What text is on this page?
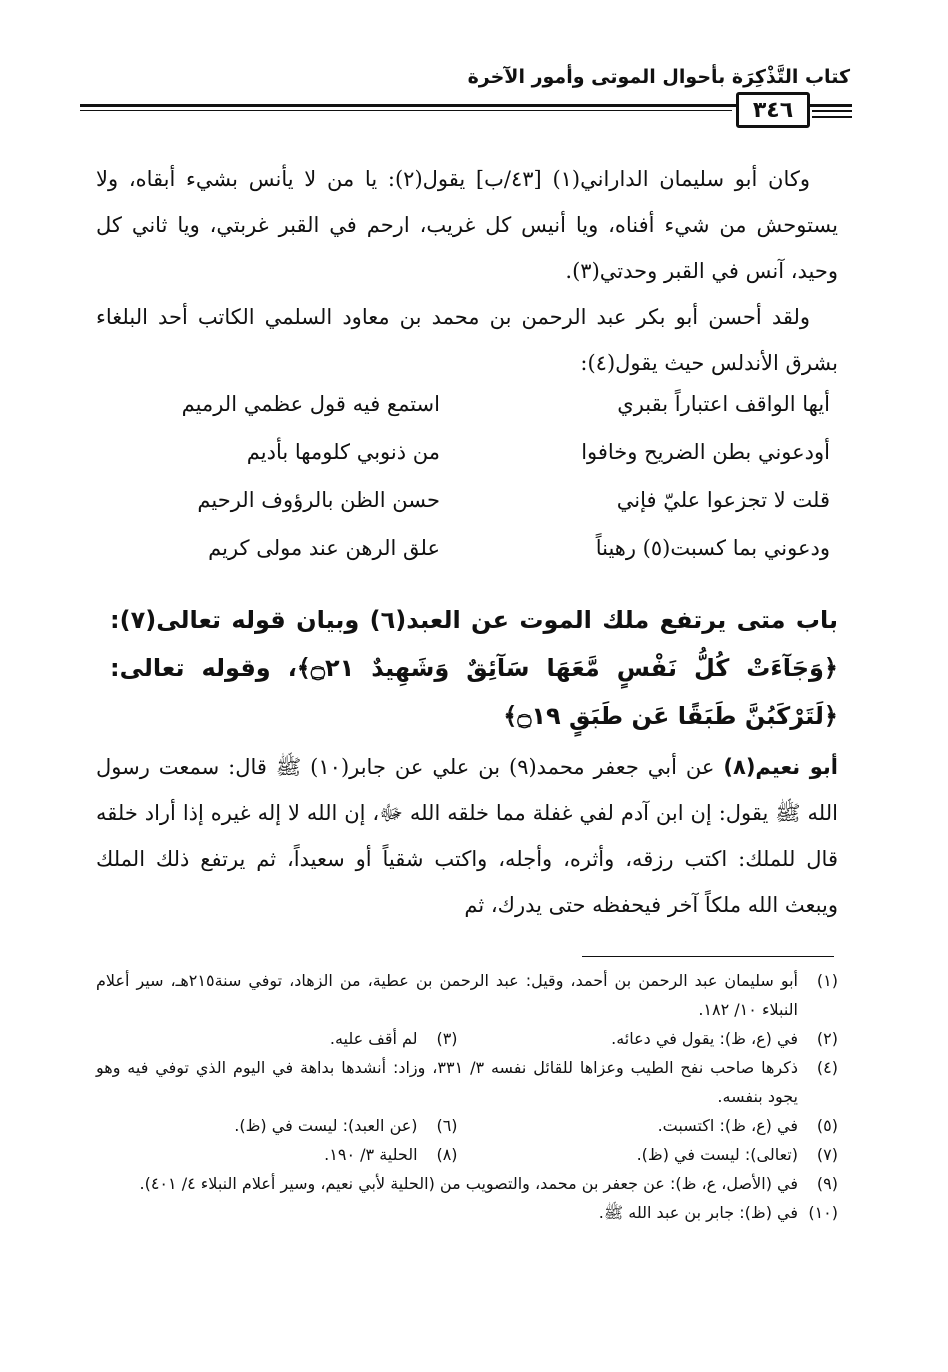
كتاب التَّذْكِرَة بأحوال الموتى وأمور الآخرة
٣٤٦

وكان أبو سليمان الداراني(١) [٤٣/ب] يقول(٢): يا من لا يأنس بشيء أبقاه، ولا يستوحش من شيء أفناه، ويا أنيس كل غريب، ارحم في القبر غربتي، ويا ثاني كل وحيد، آنس في القبر وحدتي(٣).

ولقد أحسن أبو بكر عبد الرحمن بن محمد بن معاود السلمي الكاتب أحد البلغاء بشرق الأندلس حيث يقول(٤):

أيها الواقف اعتباراً بقبري
استمع فيه قول عظمي الرميم
أودعوني بطن الضريح وخافوا
من ذنوبي كلومها بأديم
قلت لا تجزعوا عليّ فإني
حسن الظن بالرؤوف الرحيم
ودعوني بما كسبت(٥) رهيناً
علق الرهن عند مولى كريم
باب متى يرتفع ملك الموت عن العبد(٦) وبيان قوله تعالى(٧): ﴿وَجَآءَتْ كُلُّ نَفْسٍ مَّعَهَا سَآئِقٌ وَشَهِيدٌ ۝٢١﴾، وقوله تعالى: ﴿لَتَرْكَبُنَّ طَبَقًا عَن طَبَقٍ ۝١٩﴾
أبو نعيم(٨) عن أبي جعفر محمد(٩) بن علي عن جابر(١٠) ﷺ قال: سمعت رسول الله ﷺ يقول: إن ابن آدم لفي غفلة مما خلقه الله ﷻ، إن الله لا إله غيره إذا أراد خلقه قال للملك: اكتب رزقه، وأثره، وأجله، واكتب شقياً أو سعيداً، ثم يرتفع ذلك الملك ويبعث الله ملكاً آخر فيحفظه حتى يدرك، ثم
(١)
أبو سليمان عبد الرحمن بن أحمد، وقيل: عبد الرحمن بن عطية، من الزهاد، توفي سنة٢١٥هـ، سير أعلام النبلاء ١٠/ ١٨٢.
(٢)
في (ع، ظ): يقول في دعائه.
(٣)
لم أقف عليه.
(٤)
ذكرها صاحب نفح الطيب وعزاها للقائل نفسه ٣/ ٣٣١، وزاد: أنشدها بداهة في اليوم الذي توفي فيه وهو يجود بنفسه.
(٥)
في (ع، ظ): اكتسبت.
(٦)
(عن العبد): ليست في (ظ).
(٧)
(تعالى): ليست في (ظ).
(٨)
الحلية ٣/ ١٩٠.
(٩)
في (الأصل، ع، ظ): عن جعفر بن محمد، والتصويب من (الحلية لأبي نعيم، وسير أعلام النبلاء ٤/ ٤٠١).
(١٠)
في (ظ): جابر بن عبد الله ﷺ.
